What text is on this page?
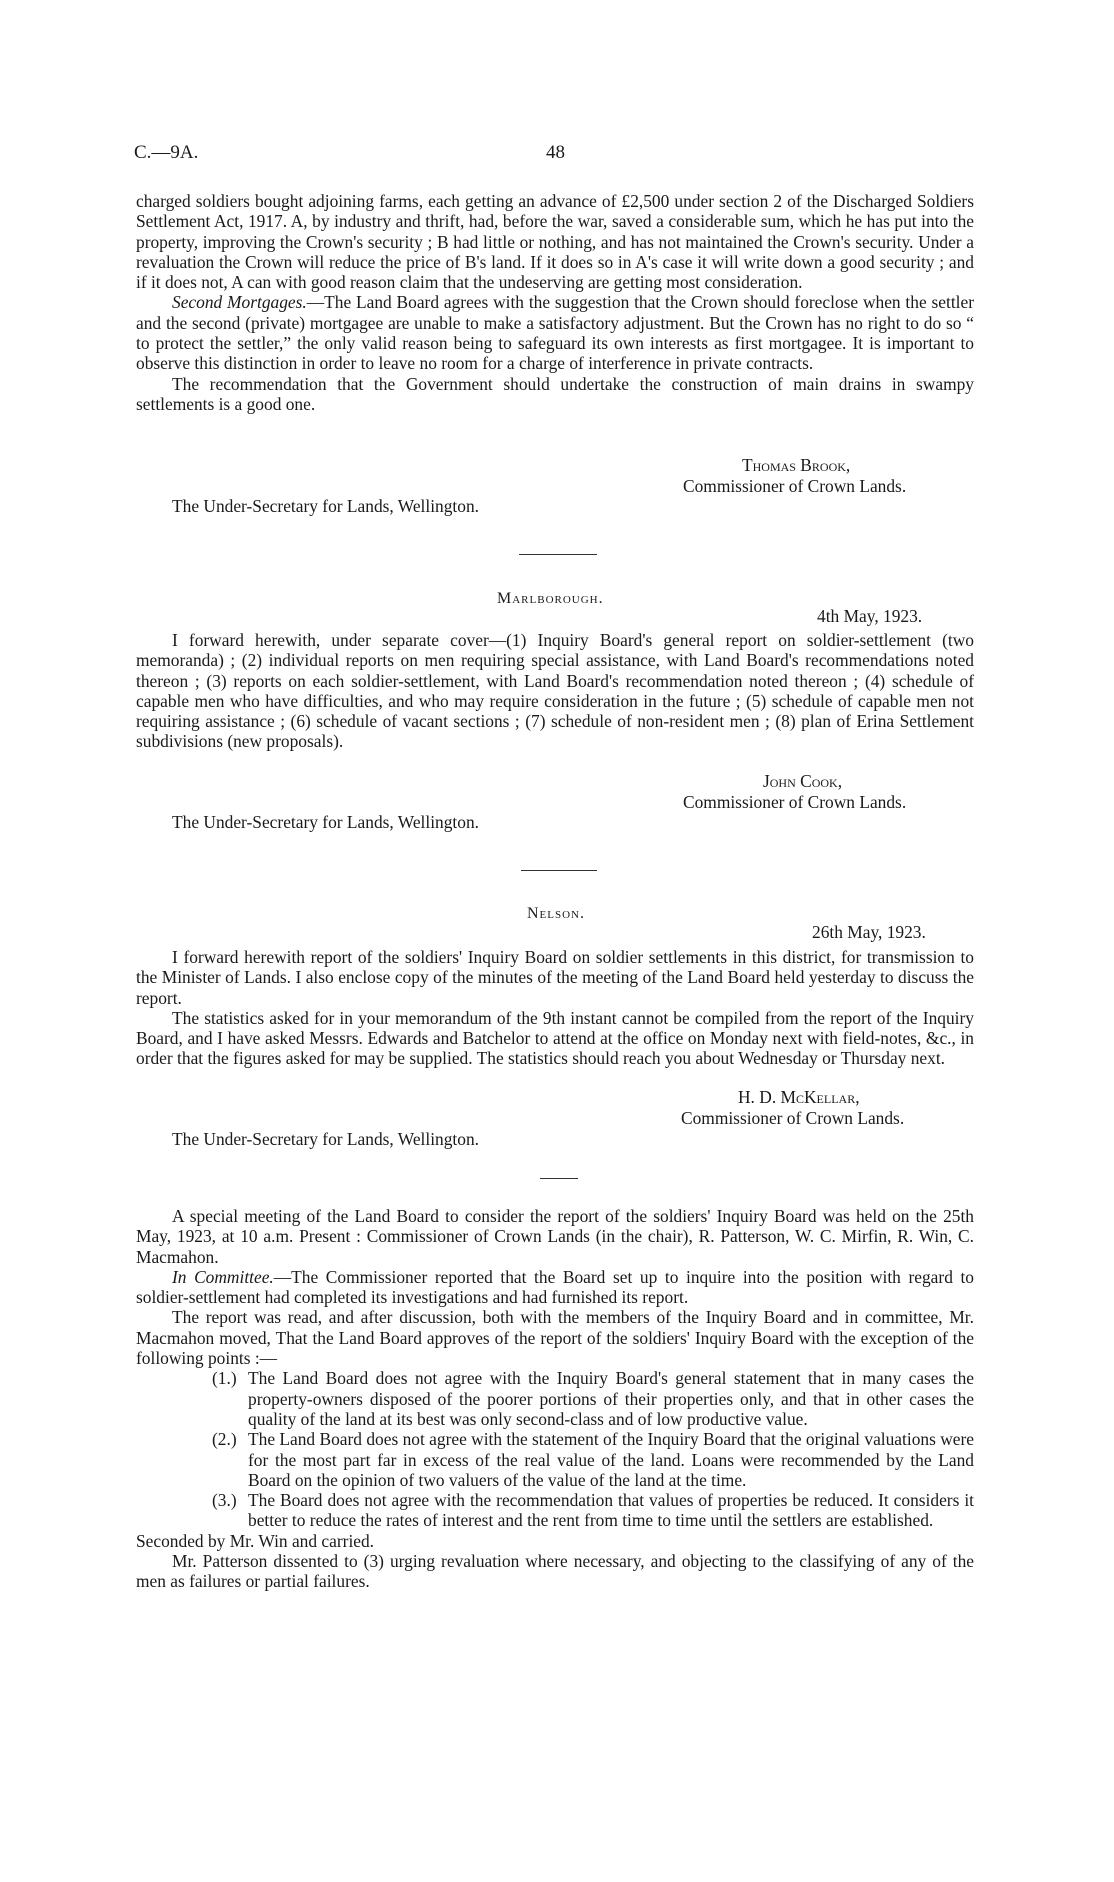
C.—9A.	48

charged soldiers bought adjoining farms, each getting an advance of £2,500 under section 2 of the Discharged Soldiers Settlement Act, 1917. A, by industry and thrift, had, before the war, saved a considerable sum, which he has put into the property, improving the Crown's security ; B had little or nothing, and has not maintained the Crown's security. Under a revaluation the Crown will reduce the price of B's land. If it does so in A's case it will write down a good security ; and if it does not, A can with good reason claim that the undeserving are getting most consideration.

Second Mortgages.—The Land Board agrees with the suggestion that the Crown should foreclose when the settler and the second (private) mortgagee are unable to make a satisfactory adjustment. But the Crown has no right to do so “ to protect the settler,” the only valid reason being to safeguard its own interests as first mortgagee. It is important to observe this distinction in order to leave no room for a charge of interference in private contracts.

The recommendation that the Government should undertake the construction of main drains in swampy settlements is a good one.

Thomas Brook,
Commissioner of Crown Lands.
The Under-Secretary for Lands, Wellington.
Marlborough.
4th May, 1923.

I forward herewith, under separate cover—(1) Inquiry Board's general report on soldier-settlement (two memoranda) ; (2) individual reports on men requiring special assistance, with Land Board's recommendations noted thereon ; (3) reports on each soldier-settlement, with Land Board's recommendation noted thereon ; (4) schedule of capable men who have difficulties, and who may require consideration in the future ; (5) schedule of capable men not requiring assistance ; (6) schedule of vacant sections ; (7) schedule of non-resident men ; (8) plan of Erina Settlement subdivisions (new proposals).

John Cook,
Commissioner of Crown Lands.
The Under-Secretary for Lands, Wellington.
Nelson.
26th May, 1923.

I forward herewith report of the soldiers' Inquiry Board on soldier settlements in this district, for transmission to the Minister of Lands. I also enclose copy of the minutes of the meeting of the Land Board held yesterday to discuss the report.

The statistics asked for in your memorandum of the 9th instant cannot be compiled from the report of the Inquiry Board, and I have asked Messrs. Edwards and Batchelor to attend at the office on Monday next with field-notes, &c., in order that the figures asked for may be supplied. The statistics should reach you about Wednesday or Thursday next.

H. D. McKellar,
Commissioner of Crown Lands.
The Under-Secretary for Lands, Wellington.

A special meeting of the Land Board to consider the report of the soldiers' Inquiry Board was held on the 25th May, 1923, at 10 a.m. Present : Commissioner of Crown Lands (in the chair), R. Patterson, W. C. Mirfin, R. Win, C. Macmahon.

In Committee.—The Commissioner reported that the Board set up to inquire into the position with regard to soldier-settlement had completed its investigations and had furnished its report.

The report was read, and after discussion, both with the members of the Inquiry Board and in committee, Mr. Macmahon moved, That the Land Board approves of the report of the soldiers' Inquiry Board with the exception of the following points :—

(1.) The Land Board does not agree with the Inquiry Board's general statement that in many cases the property-owners disposed of the poorer portions of their properties only, and that in other cases the quality of the land at its best was only second-class and of low productive value.
(2.) The Land Board does not agree with the statement of the Inquiry Board that the original valuations were for the most part far in excess of the real value of the land. Loans were recommended by the Land Board on the opinion of two valuers of the value of the land at the time.
(3.) The Board does not agree with the recommendation that values of properties be reduced. It considers it better to reduce the rates of interest and the rent from time to time until the settlers are established.

Seconded by Mr. Win and carried.

Mr. Patterson dissented to (3) urging revaluation where necessary, and objecting to the classifying of any of the men as failures or partial failures.
